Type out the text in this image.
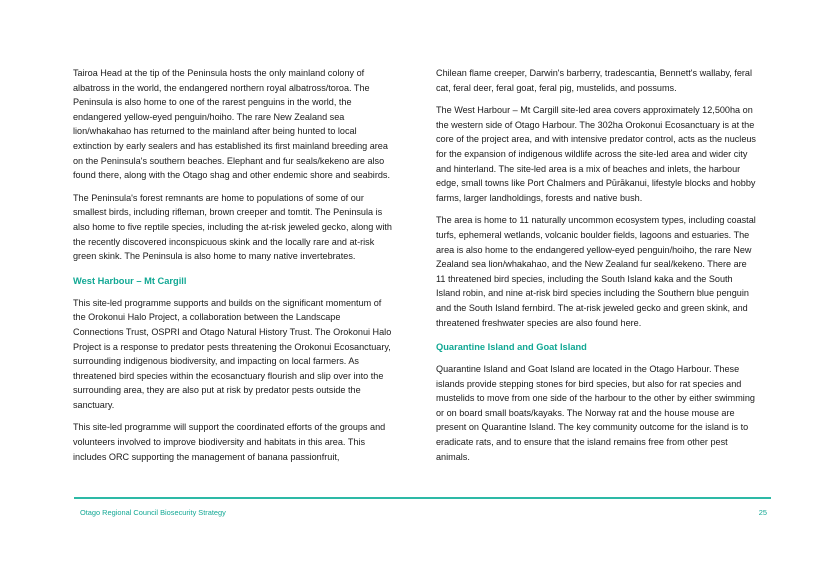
Tairoa Head at the tip of the Peninsula hosts the only mainland colony of albatross in the world, the endangered northern royal albatross/toroa. The Peninsula is also home to one of the rarest penguins in the world, the endangered yellow-eyed penguin/hoiho. The rare New Zealand sea lion/whakahao has returned to the mainland after being hunted to local extinction by early sealers and has established its first mainland breeding area on the Peninsula's southern beaches. Elephant and fur seals/kekeno are also found there, along with the Otago shag and other endemic shore and seabirds.

The Peninsula's forest remnants are home to populations of some of our smallest birds, including rifleman, brown creeper and tomtit. The Peninsula is also home to five reptile species, including the at-risk jeweled gecko, along with the recently discovered inconspicuous skink and the locally rare and at-risk green skink. The Peninsula is also home to many native invertebrates.

West Harbour – Mt Cargill

This site-led programme supports and builds on the significant momentum of the Orokonui Halo Project, a collaboration between the Landscape Connections Trust, OSPRI and Otago Natural History Trust. The Orokonui Halo Project is a response to predator pests threatening the Orokonui Ecosanctuary, surrounding indigenous biodiversity, and impacting on local farmers. As threatened bird species within the ecosanctuary flourish and slip over into the surrounding area, they are also put at risk by predator pests outside the sanctuary.

This site-led programme will support the coordinated efforts of the groups and volunteers involved to improve biodiversity and habitats in this area. This includes ORC supporting the management of banana passionfruit,

Chilean flame creeper, Darwin's barberry, tradescantia, Bennett's wallaby, feral cat, feral deer, feral goat, feral pig, mustelids, and possums.

The West Harbour – Mt Cargill site-led area covers approximately 12,500ha on the western side of Otago Harbour. The 302ha Orokonui Ecosanctuary is at the core of the project area, and with intensive predator control, acts as the nucleus for the expansion of indigenous wildlife across the site-led area and wider city and hinterland. The site-led area is a mix of beaches and inlets, the harbour edge, small towns like Port Chalmers and Pūrākanui, lifestyle blocks and hobby farms, larger landholdings, forests and native bush.

The area is home to 11 naturally uncommon ecosystem types, including coastal turfs, ephemeral wetlands, volcanic boulder fields, lagoons and estuaries. The area is also home to the endangered yellow-eyed penguin/hoiho, the rare New Zealand sea lion/whakahao, and the New Zealand fur seal/kekeno. There are 11 threatened bird species, including the South Island kaka and the South Island robin, and nine at-risk bird species including the Southern blue penguin and the South Island fernbird. The at-risk jeweled gecko and green skink, and threatened freshwater species are also found here.

Quarantine Island and Goat Island

Quarantine Island and Goat Island are located in the Otago Harbour. These islands provide stepping stones for bird species, but also for rat species and mustelids to move from one side of the harbour to the other by either swimming or on board small boats/kayaks. The Norway rat and the house mouse are present on Quarantine Island. The key community outcome for the island is to eradicate rats, and to ensure that the island remains free from other pest animals.

Otago Regional Council Biosecurity Strategy	25
